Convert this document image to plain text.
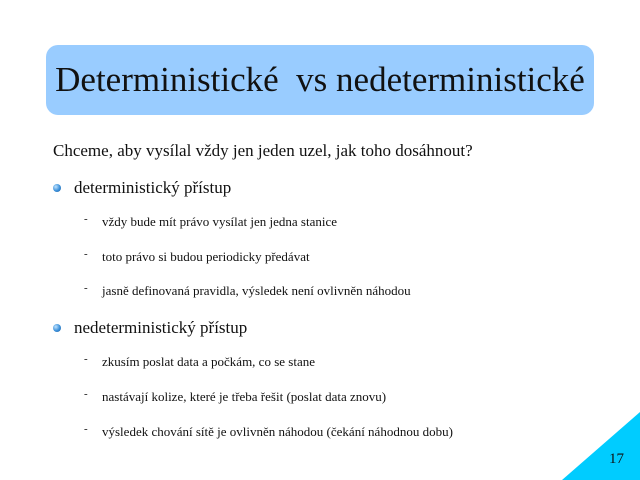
Deterministické  vs nedeterministické
Chceme, aby vysílal vždy jen jeden uzel, jak toho dosáhnout?
deterministický přístup
-	vždy bude mít právo vysílat jen jedna stanice
-	toto právo si budou periodicky předávat
-	jasně definovaná pravidla, výsledek není ovlivněn náhodou
nedeterministický přístup
-	zkusím poslat data a počkám, co se stane
-	nastávají kolize, které je třeba řešit (poslat data znovu)
-	výsledek chování sítě je ovlivněn náhodou (čekání náhodnou dobu)
17
